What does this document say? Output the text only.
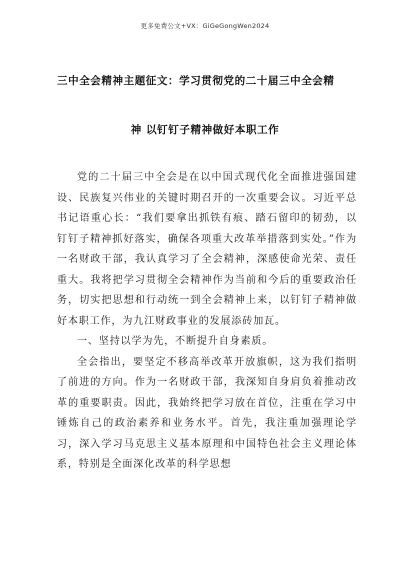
更多免费公文+VX：GiGeGongWen2024
三中全会精神主题征文：学习贯彻党的二十届三中全会精
神 以钉钉子精神做好本职工作

党的二十届三中全会是在以中国式现代化全面推进强国建设、民族复兴伟业的关键时期召开的一次重要会议。习近平总书记语重心长：“我们要拿出抓铁有痕、踏石留印的韧劲，以钉钉子精神抓好落实，确保各项重大改革举措落到实处。”作为一名财政干部，我认真学习了全会精神，深感使命光荣、责任重大。我将把学习贯彻全会精神作为当前和今后的重要政治任务，切实把思想和行动统一到全会精神上来，以钉钉子精神做好本职工作，为九江财政事业的发展添砖加瓦。

一、坚持以学为先，不断提升自身素质。

全会指出，要坚定不移高举改革开放旗帜，这为我们指明了前进的方向。作为一名财政干部，我深知自身肩负着推动改革的重要职责。因此，我始终把学习放在首位，注重在学习中锤炼自己的政治素养和业务水平。首先，我注重加强理论学习，深入学习马克思主义基本原理和中国特色社会主义理论体系，特别是全面深化改革的科学思想
